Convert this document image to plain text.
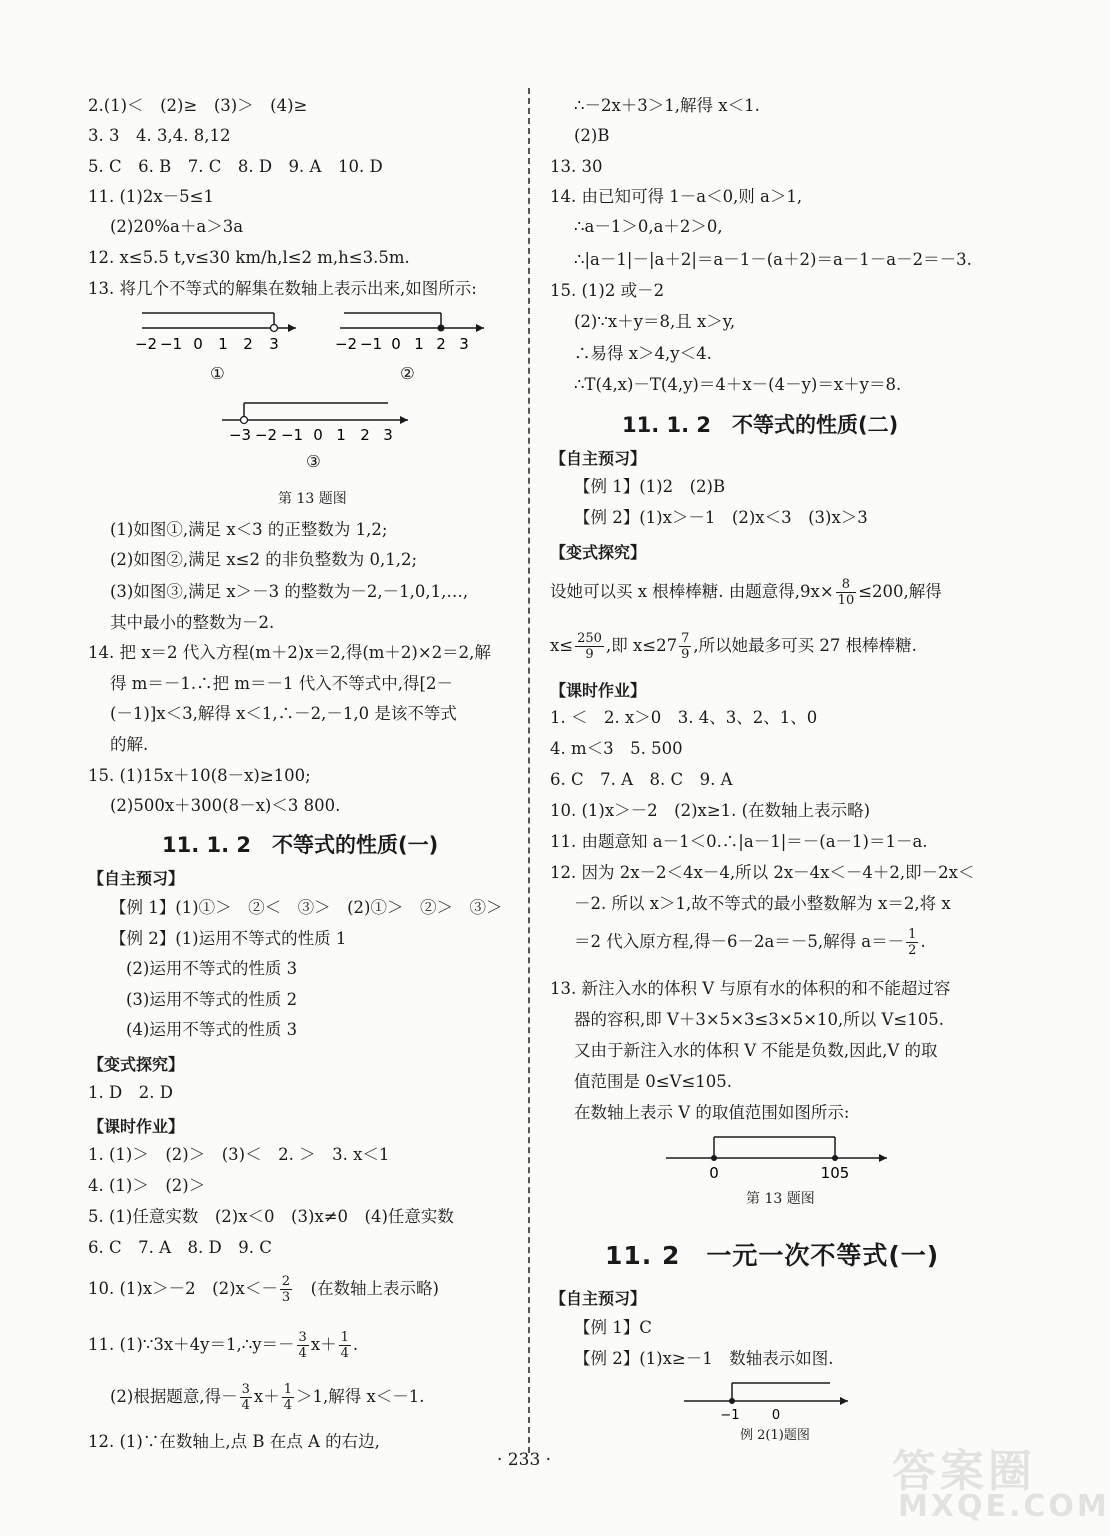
2.(1)＜　(2)≥　(3)＞　(4)≥
3. 3　4. 3,4. 8,12
5. C　6. B　7. C　8. D　9. A　10. D
11. (1)2x－5≤1
(2)20%a＋a＞3a
12. x≤5.5 t,v≤30 km/h,l≤2 m,h≤3.5m.
13. 将几个不等式的解集在数轴上表示出来,如图所示:
−2 −1 0 1 2 3
①
−2 −1 0 1 2 3
②
−3 −2 −1 0 1 2 3
③
第 13 题图
(1)如图①,满足 x＜3 的正整数为 1,2;
(2)如图②,满足 x≤2 的非负整数为 0,1,2;
(3)如图③,满足 x＞－3 的整数为－2,－1,0,1,…,
其中最小的整数为－2.
14. 把 x＝2 代入方程(m＋2)x＝2,得(m＋2)×2＝2,解
得 m＝－1.∴把 m＝－1 代入不等式中,得[2－
(－1)]x＜3,解得 x＜1,∴－2,－1,0 是该不等式
的解.
15. (1)15x＋10(8－x)≥100;
(2)500x＋300(8－x)＜3 800.
11. 1. 2　不等式的性质(一)
【自主预习】
【例 1】(1)①＞　②＜　③＞　(2)①＞　②＞　③＞
【例 2】(1)运用不等式的性质 1
(2)运用不等式的性质 3
(3)运用不等式的性质 2
(4)运用不等式的性质 3
【变式探究】
1. D　2. D
【课时作业】
1. (1)＞　(2)＞　(3)＜　2. ＞　3. x＜1
4. (1)＞　(2)＞
5. (1)任意实数　(2)x＜0　(3)x≠0　(4)任意实数
6. C　7. A　8. D　9. C
10. (1)x＞－2　$(2)x<- \frac{2}{3}$
　 (在数轴上表示略)
11. (1)∵3x＋4y＝1,∴y＝－ $\frac{3}{4} x+ \frac{1}{4}$ .
(2)根据题意,得－ $\frac{3}{4} x+ \frac{1}{4} >1$,解得 x＜－1.
12. (1)∵在数轴上,点 B 在点 A 的右边,
∴－2x＋3＞1,解得 x＜1.
(2)B
13. 30
14. 由已知可得 1－a＜0,则 a＞1,
∴a－1＞0,a＋2＞0,
∴|a－1|－|a＋2|＝a－1－(a＋2)＝a－1－a－2＝－3.
15. (1)2 或－2
(2)∵x＋y＝8,且 x＞y,
∴易得 x＞4,y＜4.
∴T(4,x)－T(4,y)＝4＋x－(4－y)＝x＋y＝8.
11. 1. 2　不等式的性质(二)
【自主预习】
【例 1】(1)2　(2)B
【例 2】(1)x＞－1　(2)x＜3　(3)x＞3
【变式探究】
设她可以买 x 根棒棒糖. 由题意得$,9x\times \frac{8}{10} \le 200$,解得
$x\le \frac{250}{9}$ ,即 $x\le 27 \frac{7}{9}$ ,所以她最多可买 27 根棒棒糖.
【课时作业】
1. ＜　2. x＞0　3. 4、3、2、1、0
4. m＜3　5. 500
6. C　7. A　8. C　9. A
10. (1)x＞－2　(2)x≥1. (在数轴上表示略)
11. 由题意知 a－1＜0.∴|a－1|＝－(a－1)＝1－a.
12. 因为 2x－2＜4x－4,所以 2x－4x＜－4＋2,即－2x＜
－2. 所以 x＞1,故不等式的最小整数解为 x＝2,将 x
＝2 代入原方程,得－6－2a＝－5,解得 $a=- \frac{1}{2}$ .
13. 新注入水的体积 V 与原有水的体积的和不能超过容
器的容积,即 V＋3×5×3≤3×5×10,所以 V≤105.
又由于新注入水的体积 V 不能是负数,因此,V 的取
值范围是 0≤V≤105.
在数轴上表示 V 的取值范围如图所示:
0	105
第 13 题图
11. 2　一元一次不等式(一)
【自主预习】
【例 1】C
【例 2】(1)x≥－1　数轴表示如图.
−1 0
例 2(1)题图
· 233 ·	答案圈
MXQE.COM
